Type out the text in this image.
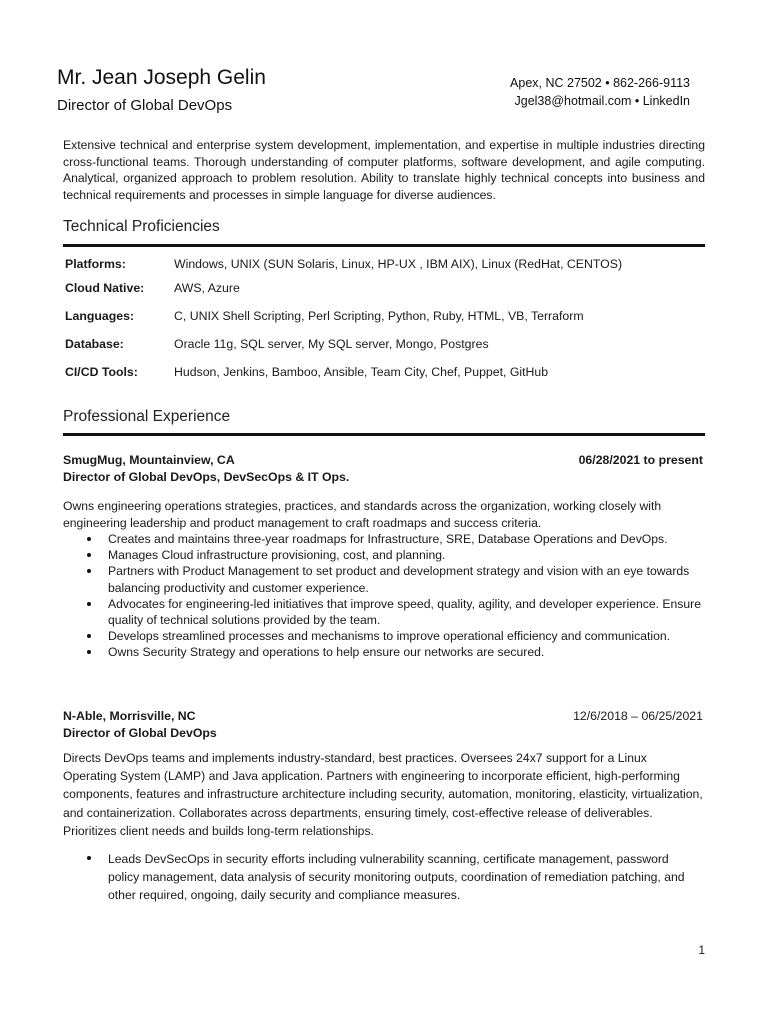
Mr. Jean Joseph Gelin
Director of Global DevOps
Apex, NC 27502 • 862-266-9113
Jgel38@hotmail.com • LinkedIn
Extensive technical and enterprise system development, implementation, and expertise in multiple industries directing cross-functional teams. Thorough understanding of computer platforms, software development, and agile computing. Analytical, organized approach to problem resolution. Ability to translate highly technical concepts into business and technical requirements and processes in simple language for diverse audiences.
Technical Proficiencies
Platforms:	Windows, UNIX (SUN Solaris, Linux, HP-UX , IBM AIX), Linux (RedHat, CENTOS)
Cloud Native: AWS, Azure
Languages:	C, UNIX Shell Scripting, Perl Scripting, Python, Ruby, HTML, VB, Terraform
Database:	Oracle 11g, SQL server, My SQL server, Mongo, Postgres
CI/CD Tools:	Hudson, Jenkins, Bamboo, Ansible, Team City, Chef, Puppet, GitHub
Professional Experience
SmugMug, Mountainview, CA	06/28/2021 to present
Director of Global DevOps, DevSecOps & IT Ops.
Owns engineering operations strategies, practices, and standards across the organization, working closely with engineering leadership and product management to craft roadmaps and success criteria.
Creates and maintains three-year roadmaps for Infrastructure, SRE, Database Operations and DevOps.
Manages Cloud infrastructure provisioning, cost, and planning.
Partners with Product Management to set product and development strategy and vision with an eye towards balancing productivity and customer experience.
Advocates for engineering-led initiatives that improve speed, quality, agility, and developer experience. Ensure quality of technical solutions provided by the team.
Develops streamlined processes and mechanisms to improve operational efficiency and communication.
Owns Security Strategy and operations to help ensure our networks are secured.
N-Able, Morrisville, NC	12/6/2018 – 06/25/2021
Director of Global DevOps
Directs DevOps teams and implements industry-standard, best practices. Oversees 24x7 support for a Linux Operating System (LAMP) and Java application. Partners with engineering to incorporate efficient, high-performing components, features and infrastructure architecture including security, automation, monitoring, elasticity, virtualization, and containerization. Collaborates across departments, ensuring timely, cost-effective release of deliverables. Prioritizes client needs and builds long-term relationships.
Leads DevSecOps in security efforts including vulnerability scanning, certificate management, password policy management, data analysis of security monitoring outputs, coordination of remediation patching, and other required, ongoing, daily security and compliance measures.
1
